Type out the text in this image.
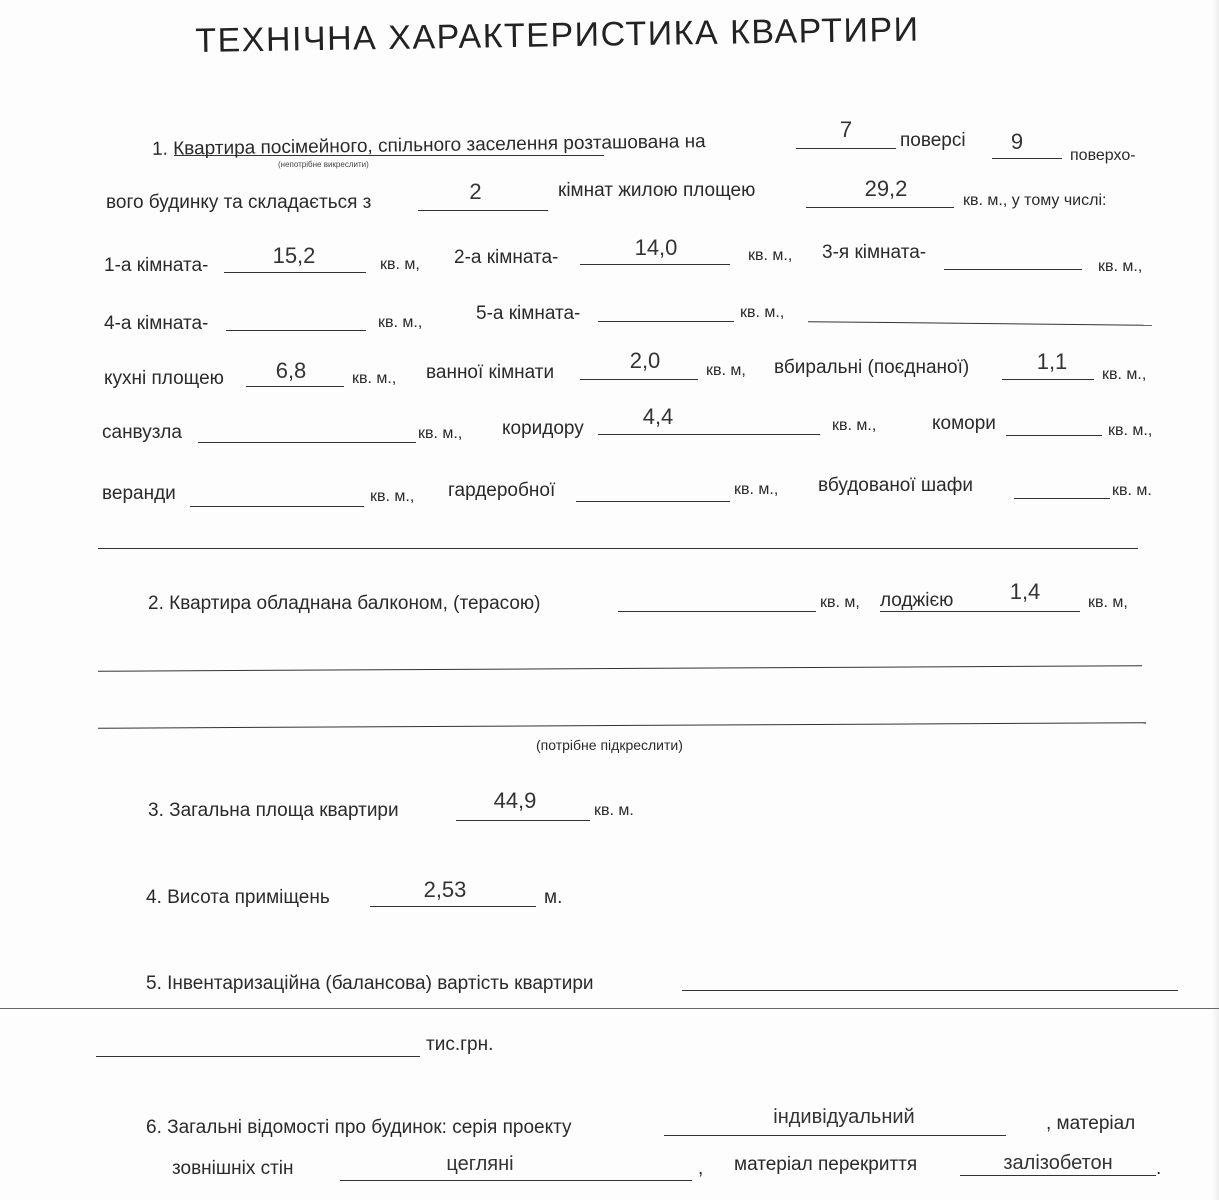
ТЕХНІЧНА ХАРАКТЕРИСТИКА КВАРТИРИ
1. Квартира посімейного, спільного заселення розташована на
(непотрібне викреслити)
7	поверсі	9
поверхо-
вого будинку та складається з	2	кімнат жилою площею	29,2	кв. м., у тому числі:
1-а кімната-	15,2	кв. м, 2-а кімната-	14,0	кв. м., 3-я кімната-
кв. м.,
4-а кімната-	кв. м.,	5-а кімната-	кв. м.,
кухні площею	6,8	кв. м., ванної кімнати	2,0	кв. м, вбиральні (поєднаної)	1,1
кв. м.,
санвузла	кв. м., коридору	4,4	кв. м.,	комори	кв. м.,
веранди	кв. м., гардеробної	кв. м., вбудованої шафи	кв. м.
2. Квартира обладнана балконом, (терасою)	кв. м, лоджією	1,4	кв. м,
(потрібне підкреслити)
3. Загальна площа квартири	44,9	кв. м.
4. Висота приміщень	2,53	м.
5. Інвентаризаційна (балансова) вартість квартири
тис.грн.
6. Загальні відомості про будинок: серія проекту	індивідуальний	, матеріал
зовнішніх стін	цегляні	, матеріал перекриття	залізобетон	.
